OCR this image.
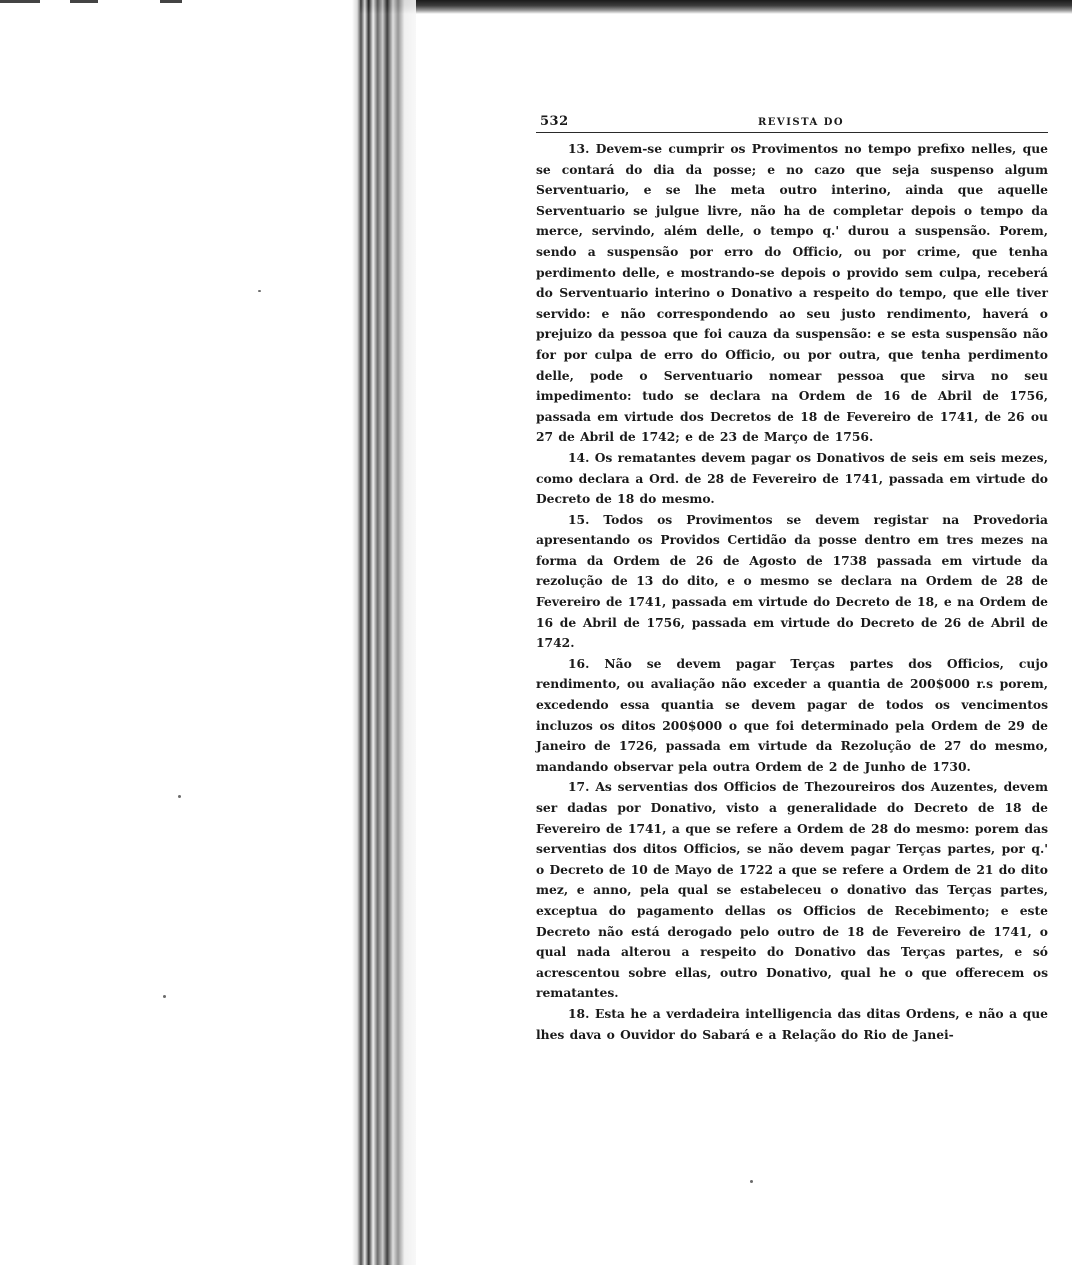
532	REVISTA DO

13. Devem-se cumprir os Provimentos no tempo prefixo nelles, que se contará do dia da posse; e no cazo que seja suspenso algum Serventuario, e se lhe meta outro interino, ainda que aquelle Serventuario se julgue livre, não ha de completar depois o tempo da merce, servindo, além delle, o tempo q.' durou a suspensão. Porem, sendo a suspensão por erro do Officio, ou por crime, que tenha perdimento delle, e mostrando-se depois o provido sem culpa, receberá do Serventuario interino o Donativo a respeito do tempo, que elle tiver servido: e não correspondendo ao seu justo rendimento, haverá o prejuizo da pessoa que foi cauza da suspensão: e se esta suspensão não for por culpa de erro do Officio, ou por outra, que tenha perdimento delle, pode o Serventuario nomear pessoa que sirva no seu impedimento: tudo se declara na Ordem de 16 de Abril de 1756, passada em virtude dos Decretos de 18 de Fevereiro de 1741, de 26 ou 27 de Abril de 1742; e de 23 de Março de 1756.

14. Os rematantes devem pagar os Donativos de seis em seis mezes, como declara a Ord. de 28 de Fevereiro de 1741, passada em virtude do Decreto de 18 do mesmo.

15. Todos os Provimentos se devem registar na Provedoria apresentando os Providos Certidão da posse dentro em tres mezes na forma da Ordem de 26 de Agosto de 1738 passada em virtude da rezolução de 13 do dito, e o mesmo se declara na Ordem de 28 de Fevereiro de 1741, passada em virtude do Decreto de 18, e na Ordem de 16 de Abril de 1756, passada em virtude do Decreto de 26 de Abril de 1742.

16. Não se devem pagar Terças partes dos Officios, cujo rendimento, ou avaliação não exceder a quantia de 200$000 r.s porem, excedendo essa quantia se devem pagar de todos os vencimentos incluzos os ditos 200$000 o que foi determinado pela Ordem de 29 de Janeiro de 1726, passada em virtude da Rezolução de 27 do mesmo, mandando observar pela outra Ordem de 2 de Junho de 1730.

17. As serventias dos Officios de Thezoureiros dos Auzentes, devem ser dadas por Donativo, visto a generalidade do Decreto de 18 de Fevereiro de 1741, a que se refere a Ordem de 28 do mesmo: porem das serventias dos ditos Officios, se não devem pagar Terças partes, por q.' o Decreto de 10 de Mayo de 1722 a que se refere a Ordem de 21 do dito mez, e anno, pela qual se estabeleceu o donativo das Terças partes, exceptua do pagamento dellas os Officios de Recebimento; e este Decreto não está derogado pelo outro de 18 de Fevereiro de 1741, o qual nada alterou a respeito do Donativo das Terças partes, e só acrescentou sobre ellas, outro Donativo, qual he o que offerecem os rematantes.

18. Esta he a verdadeira intelligencia das ditas Ordens, e não a que lhes dava o Ouvidor do Sabará e a Relação do Rio de Janei-
